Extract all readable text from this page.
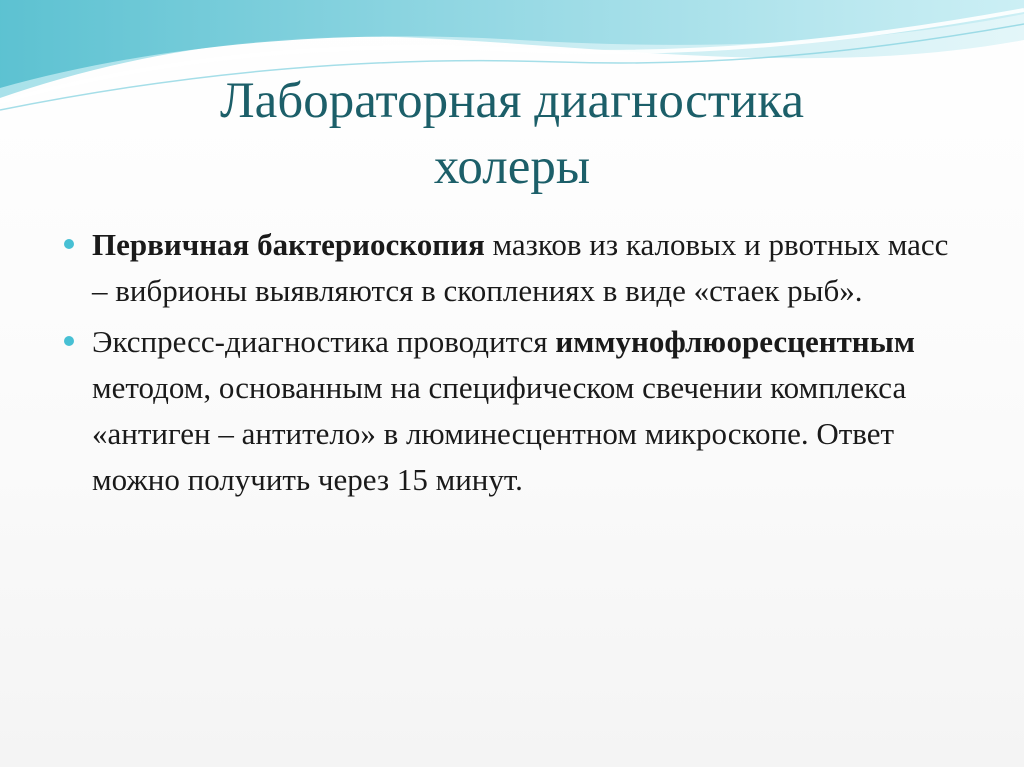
Лабораторная диагностика
холеры
Первичная бактериоскопия мазков из каловых и рвотных масс – вибрионы выявляются в скоплениях в виде «стаек рыб».
Экспресс-диагностика проводится иммунофлюоресцентным методом, основанным на специфическом свечении комплекса «антиген – антитело» в люминесцентном микроскопе. Ответ можно получить через 15 минут.
